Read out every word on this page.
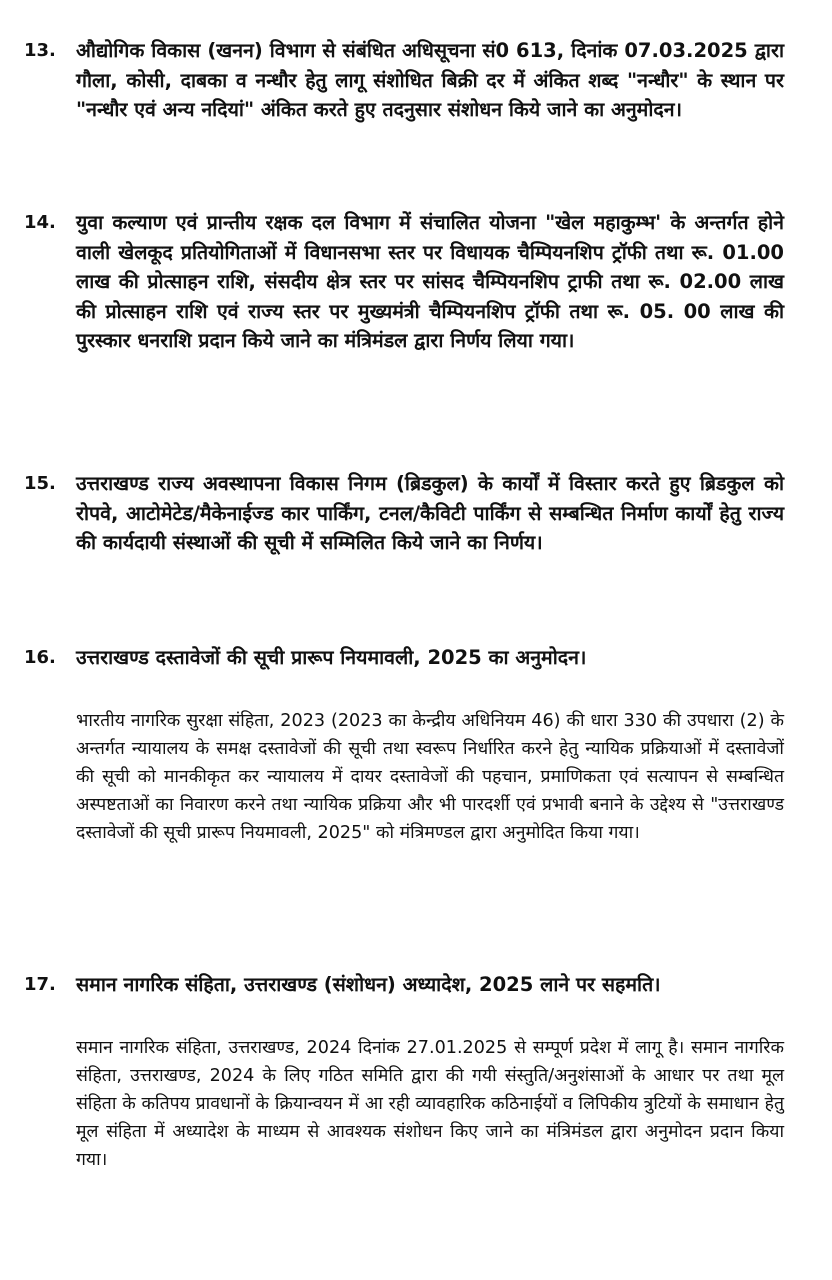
13.	औद्योगिक विकास (खनन) विभाग से संबंधित अधिसूचना सं0 613, दिनांक 07.03.2025 द्वारा गौला, कोसी, दाबका व नन्धौर हेतु लागू संशोधित बिक्री दर में अंकित शब्द "नन्धौर" के स्थान पर "नन्धौर एवं अन्य नदियां" अंकित करते हुए तदनुसार संशोधन किये जाने का अनुमोदन।
14.	युवा कल्याण एवं प्रान्तीय रक्षक दल विभाग में संचालित योजना "खेल महाकुम्भ' के अन्तर्गत होने वाली खेलकूद प्रतियोगिताओं में विधानसभा स्तर पर विधायक चैम्पियनशिप ट्रॉफी तथा रू. 01.00 लाख की प्रोत्साहन राशि, संसदीय क्षेत्र स्तर पर सांसद चैम्पियनशिप ट्राफी तथा रू. 02.00 लाख की प्रोत्साहन राशि एवं राज्य स्तर पर मुख्यमंत्री चैम्पियनशिप ट्रॉफी तथा रू. 05. 00 लाख की पुरस्कार धनराशि प्रदान किये जाने का मंत्रिमंडल द्वारा निर्णय लिया गया।
15.	उत्तराखण्ड राज्य अवस्थापना विकास निगम (ब्रिडकुल) के कार्यों में विस्तार करते हुए ब्रिडकुल को रोपवे, आटोमेटेड/मैकेनाईज्ड कार पार्किंग, टनल/कैविटी पार्किंग से सम्बन्धित निर्माण कार्यों हेतु राज्य की कार्यदायी संस्थाओं की सूची में सम्मिलित किये जाने का निर्णय।
16.	उत्तराखण्ड दस्तावेजों की सूची प्रारूप नियमावली, 2025 का अनुमोदन।
भारतीय नागरिक सुरक्षा संहिता, 2023 (2023 का केन्द्रीय अधिनियम 46) की धारा 330 की उपधारा (2) के अन्तर्गत न्यायालय के समक्ष दस्तावेजों की सूची तथा स्वरूप निर्धारित करने हेतु न्यायिक प्रक्रियाओं में दस्तावेजों की सूची को मानकीकृत कर न्यायालय में दायर दस्तावेजों की पहचान, प्रमाणिकता एवं सत्यापन से सम्बन्धित अस्पष्टताओं का निवारण करने तथा न्यायिक प्रक्रिया और भी पारदर्शी एवं प्रभावी बनाने के उद्देश्य से "उत्तराखण्ड दस्तावेजों की सूची प्रारूप नियमावली, 2025" को मंत्रिमण्डल द्वारा अनुमोदित किया गया।
17.	समान नागरिक संहिता, उत्तराखण्ड (संशोधन) अध्यादेश, 2025 लाने पर सहमति।
समान नागरिक संहिता, उत्तराखण्ड, 2024 दिनांक 27.01.2025 से सम्पूर्ण प्रदेश में लागू है। समान नागरिक संहिता, उत्तराखण्ड, 2024 के लिए गठित समिति द्वारा की गयी संस्तुति/अनुशंसाओं के आधार पर तथा मूल संहिता के कतिपय प्रावधानों के क्रियान्वयन में आ रही व्यावहारिक कठिनाईयों व लिपिकीय त्रुटियों के समाधान हेतु मूल संहिता में अध्यादेश के माध्यम से आवश्यक संशोधन किए जाने का मंत्रिमंडल द्वारा अनुमोदन प्रदान किया गया।
